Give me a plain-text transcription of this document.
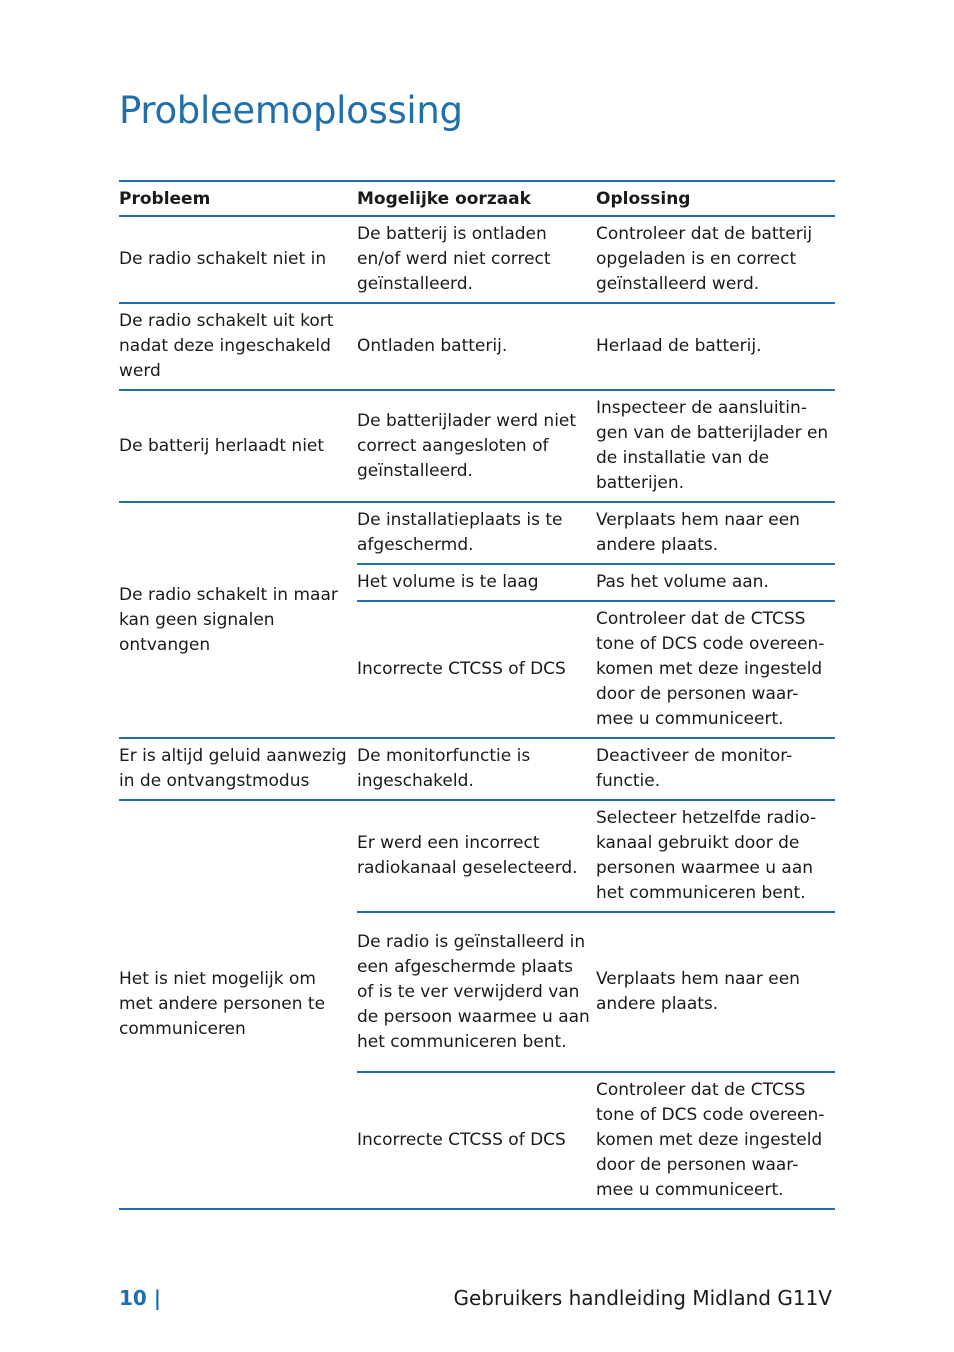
Probleemoplossing
Probleem	Mogelijke oorzaak	Oplossing
De radio schakelt niet in	De batterij is ontladen en/of werd niet correct geïnstalleerd.	Controleer dat de batterij opgeladen is en correct geïnstalleerd werd.
De radio schakelt uit kort nadat deze ingeschakeld werd	Ontladen batterij.	Herlaad de batterij.
De batterij herlaadt niet	De batterijlader werd niet correct aangesloten of geïnstalleerd.	Inspecteer de aansluitin-gen van de batterijlader en de installatie van de batterijen.
De radio schakelt in maar kan geen signalen ontvangen	De installatieplaats is te afgeschermd.	Verplaats hem naar een andere plaats.
	Het volume is te laag	Pas het volume aan.
	Incorrecte CTCSS of DCS	Controleer dat de CTCSS tone of DCS code overeen-komen met deze ingesteld door de personen waar-mee u communiceert.
Er is altijd geluid aanwezig in de ontvangstmodus	De monitorfunctie is ingeschakeld.	Deactiveer de monitor-functie.
Het is niet mogelijk om met andere personen te communiceren	Er werd een incorrect radiokanaal geselecteerd.	Selecteer hetzelfde radio-kanaal gebruikt door de personen waarmee u aan het communiceren bent.
	De radio is geïnstalleerd in een afgeschermde plaats of is te ver verwijderd van de persoon waarmee u aan het communiceren bent.	Verplaats hem naar een andere plaats.
	Incorrecte CTCSS of DCS	Controleer dat de CTCSS tone of DCS code overeen-komen met deze ingesteld door de personen waar-mee u communiceert.
10 |	Gebruikers handleiding Midland G11V
